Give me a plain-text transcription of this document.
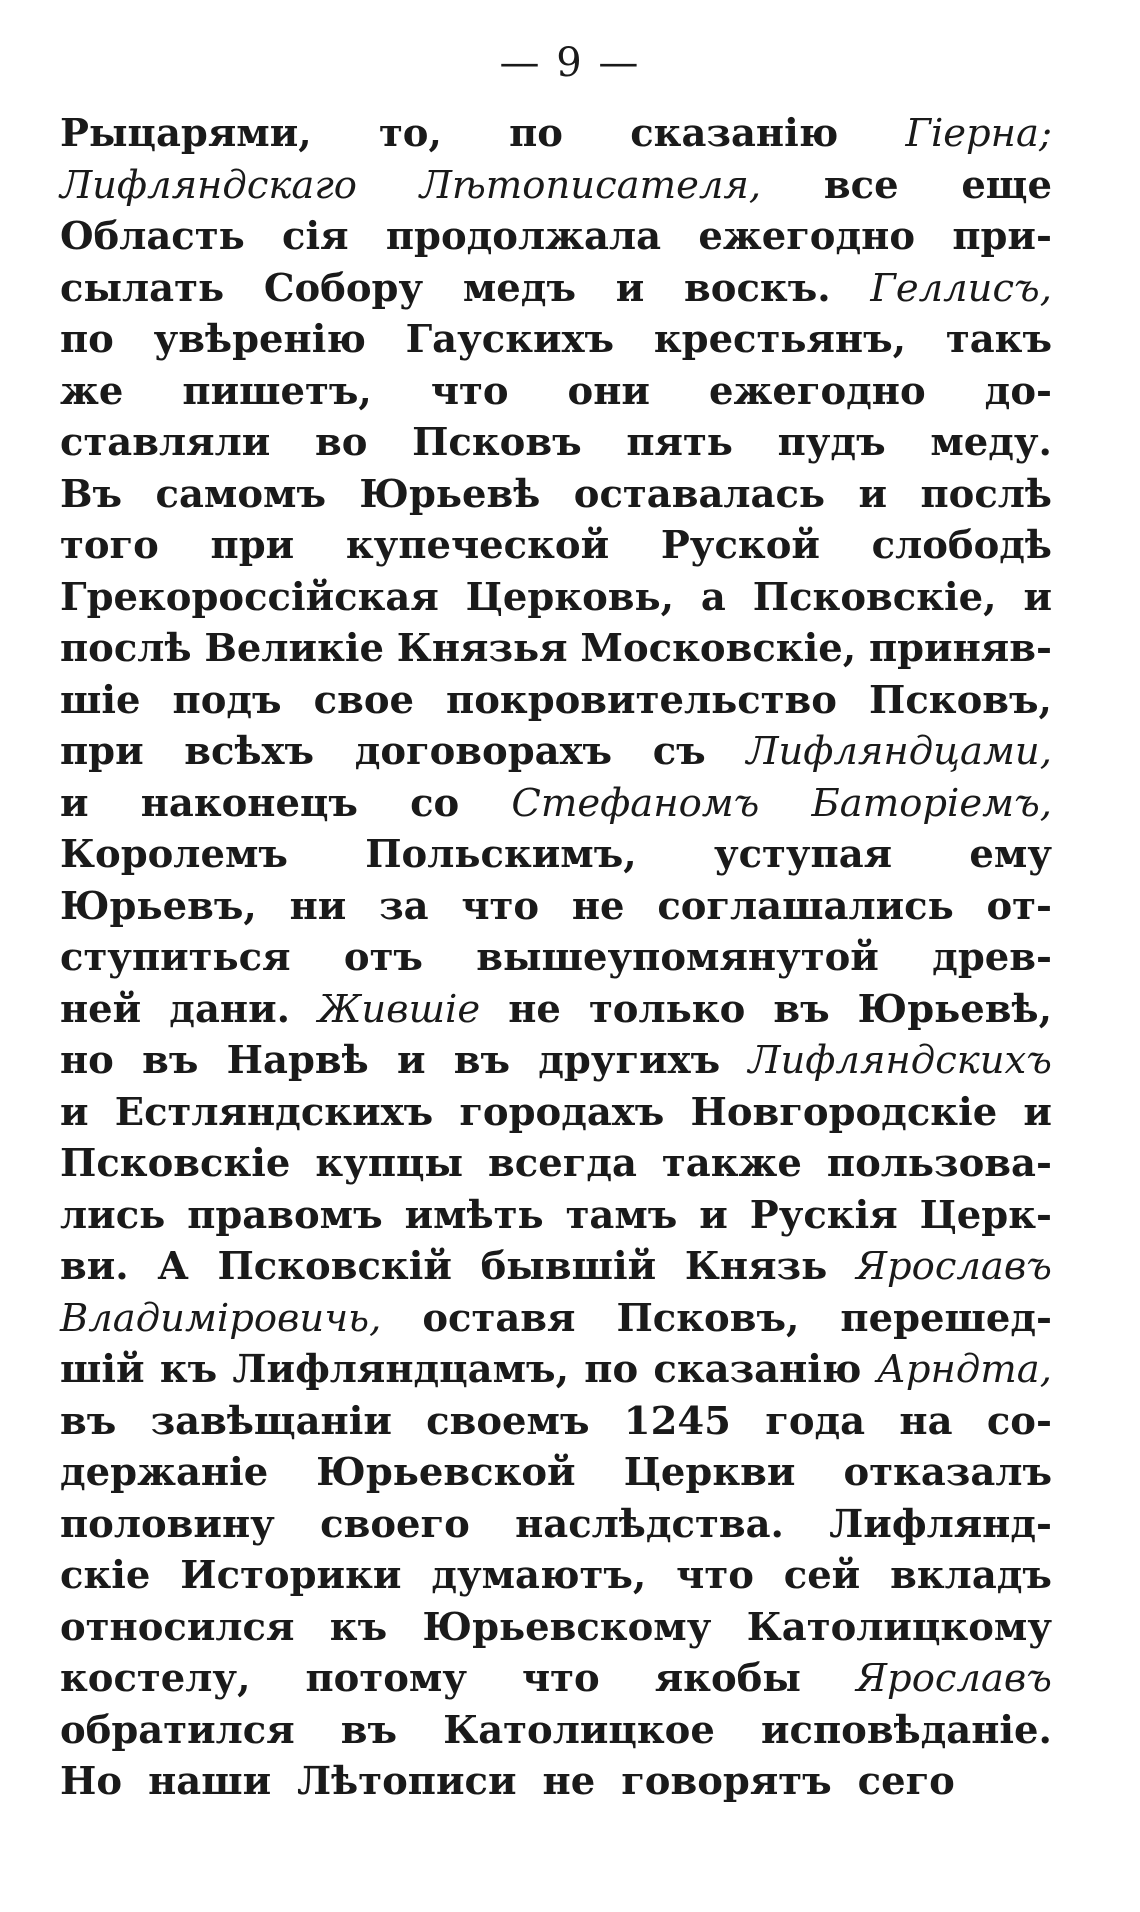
— 9 —
Рыцарями, то, по сказанію Гіерна;
Лифляндскаго Лѣтописателя, все еще
Область сія продолжала ежегодно при-
сылать Собору медъ и воскъ. Геллисъ,
по увѣренію Гаускихъ крестьянъ, такъ
же пишетъ, что они ежегодно до-
ставляли во Псковъ пять пудъ меду.
Въ самомъ Юрьевѣ оставалась и послѣ
того при купеческой Руской слободѣ
Грекороссійская Церковь, а Псковскіе, и
послѣ Великіе Князья Московскіе, приняв-
шіе подъ свое покровительство Псковъ,
при всѣхъ договорахъ съ Лифляндцами,
и наконецъ со Стефаномъ Баторіемъ,
Королемъ Польскимъ, уступая ему
Юрьевъ, ни за что не соглашались от-
ступиться отъ вышеупомянутой древ-
ней дани. Жившіе не только въ Юрьевѣ,
но въ Нарвѣ и въ другихъ Лифляндскихъ
и Естляндскихъ городахъ Новгородскіе и
Псковскіе купцы всегда также пользова-
лись правомъ имѣть тамъ и Рускія Церк-
ви. А Псковскій бывшій Князь Ярославъ
Владиміровичь, оставя Псковъ, перешед-
шій къ Лифляндцамъ, по сказанію Арндта,
въ завѣщаніи своемъ 1245 года на со-
держаніе Юрьевской Церкви отказалъ
половину своего наслѣдства. Лифлянд-
скіе Историки думаютъ, что сей вкладъ
относился къ Юрьевскому Католицкому
костелу, потому что якобы Ярославъ
обратился въ Католицкое исповѣданіе.
Но наши Лѣтописи не говорятъ сего
